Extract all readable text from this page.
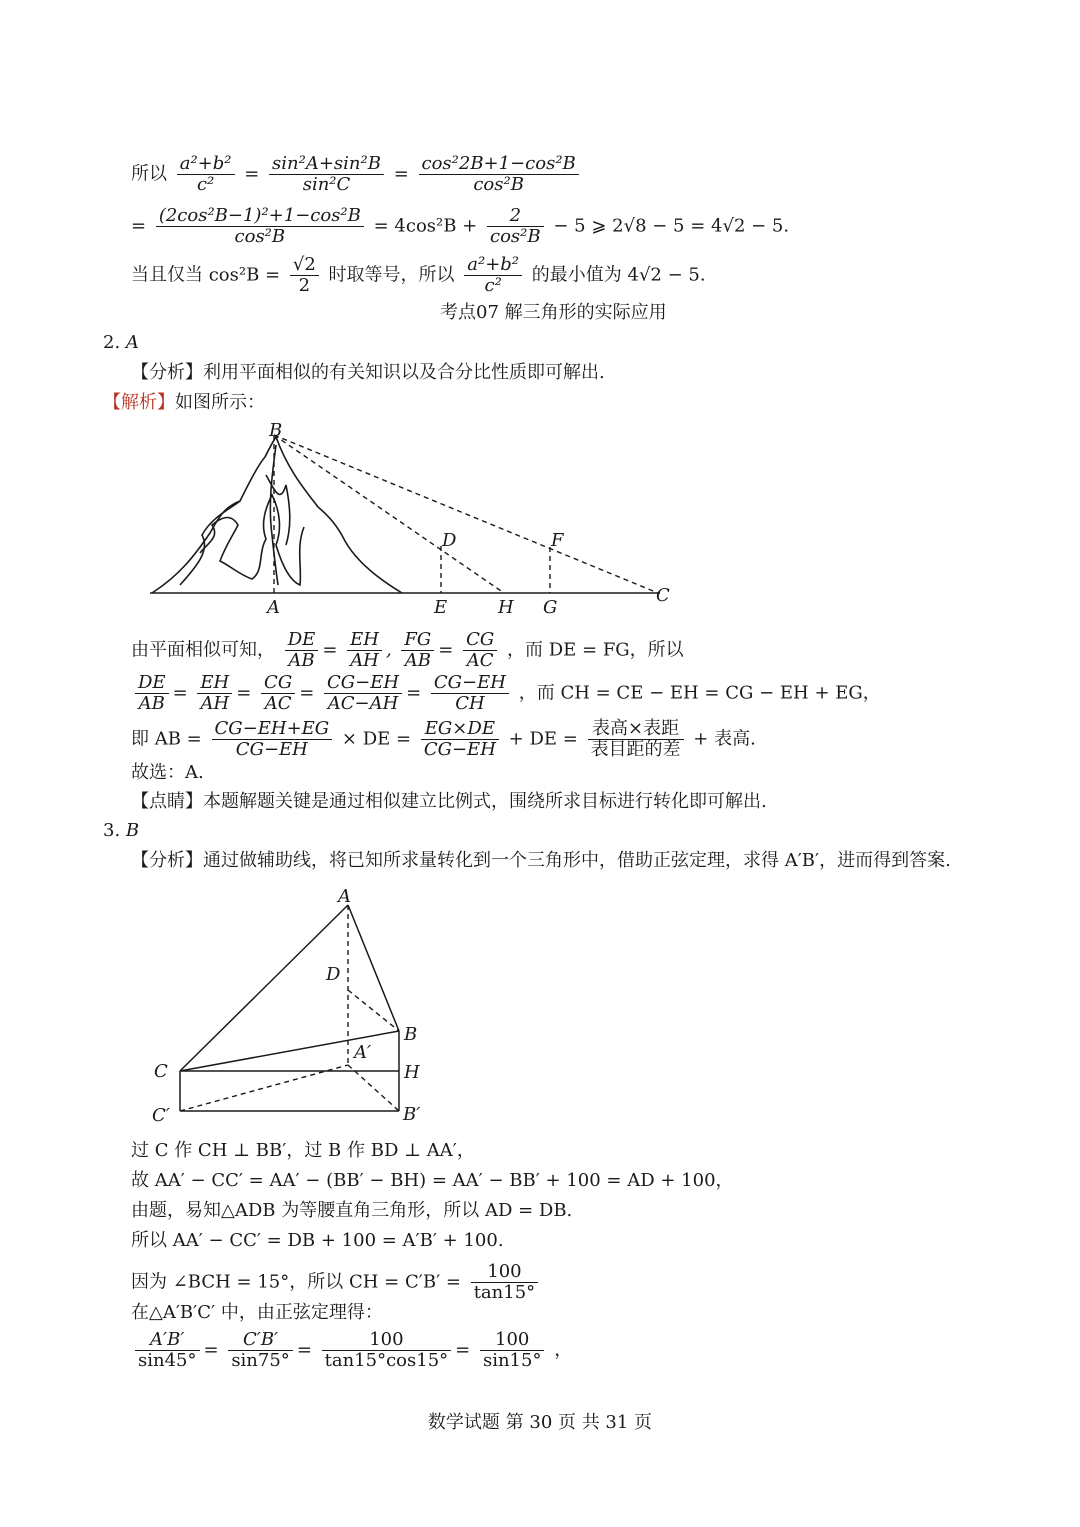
所以 $\frac{\text{a²+b²}}{\text{c²}} = \frac{\text{sin²A+sin²B}}{\text{sin²C}} = \frac{\text{cos²2B+1−cos²B}}{\text{cos²B}}$
= $\frac{\text{(2cos²B−1)²+1−cos²B}}{\text{cos²B}} = 4\cos^2B + \frac{2}{\text{cos²B}} - 5$ ⩾ 2√8 − 5 = 4√2 − 5.
当且仅当 $\cos^2B = \frac{√2}{2}$ 时取等号，所以 $\frac{\text{a²+b²}}{\text{c²}}$ 的最小值为 4√2 − 5.
考点07 解三角形的实际应用
2. A
【分析】利用平面相似的有关知识以及合分比性质即可解出.
【解析】如图所示：
B
D	F
A	E	H G
C
由平面相似可知， $\frac{DE}{AB} = \frac{EH}{AH}$ , $\frac{FG}{AB} = \frac{CG}{AC}$ ，而 DE = FG，所以
$\frac{DE}{AB} = \frac{EH}{AH} = \frac{CG}{AC} = \frac{CG-EH}{AC-AH} = \frac{CG-EH}{CH}$ ，而 CH = CE − EH = CG − EH + EG，
即 AB = $\frac{CG-EH+EG}{CG-EH}$ × DE = $\frac{EG\times DE}{CG-EH}$ + DE = 表高×表距
表目距的差 + 表高.
故选：A.
【点睛】本题解题关键是通过相似建立比例式，围绕所求目标进行转化即可解出.
3. B
【分析】通过做辅助线，将已知所求量转化到一个三角形中，借助正弦定理，求得 A′B′，进而得到答案.
A
D
B
A′
C	H
C′	B′
过 C 作 CH ⊥ BB′，过 B 作 BD ⊥ AA′，
故 AA′ − CC′ = AA′ − (BB′ − BH) = AA′ − BB′ + 100 = AD + 100，
由题，易知△ADB 为等腰直角三角形，所以 AD = DB.
所以 AA′ − CC′ = DB + 100 = A′B′ + 100.
因为 ∠BCH = 15°，所以 CH = $C'B' = \frac{100}{\tan 15^\circ}$
在△A′B′C′ 中，由正弦定理得：
$\frac{A'B'}{\sin 45^\circ} = \frac{C'B'}{\sin 75^\circ} = \frac{100}{\tan 15^\circ\cos 15^\circ} = \frac{100}{\sin 15^\circ}$ ，
数学试题 第 30 页 共 31 页
